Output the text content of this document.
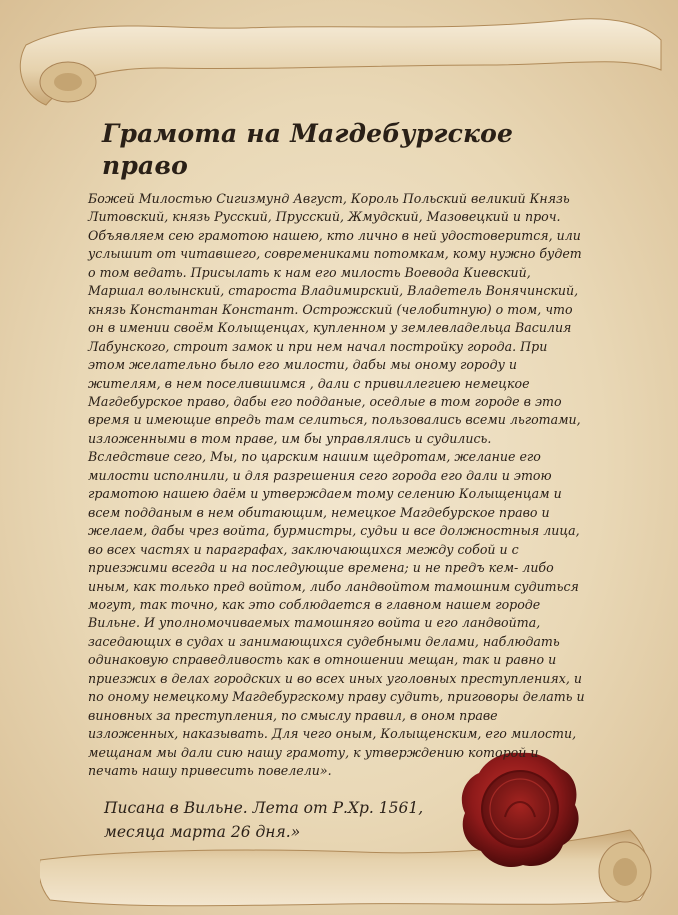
Грамота на Магдебургское право

Божей Милостью Сигизмунд Август, Король Польский великий Князь

Литовский, князь Русский, Прусский, Жмудский, Мазовецкий и проч.

Объявляем сею грамотою нашею, кто лично в ней удостоверится, или

услышит от читавшего, современиками потомкам, кому нужно будет

о том ведать. Присылать к нам его милость Воевода Киевский,

Маршал волынский, староста Владимирский, Владетель Вонячинский,

князь Константан Констант. Острожский (челобитную) о том, что

он в имении своём Колыщенцах, купленном у землевладельца Василия

Лабунского, строит замок и при нем начал постройку города. При

этом желательно было его милости, дабы мы оному городу и

жителям, в нем поселившимся , дали с привиллегиею немецкое

Магдебурское право, дабы его подданые, оседлые в том городе в это

время и имеющие впредь там селиться, пользовались всеми льготами,

изложенными в том праве, им бы управлялись и судились.

Вследствие сего, Мы, по царским нашим щедротам, желание его

милости исполнили, и для разрешения сего города его дали и этою

грамотою нашею даём и утверждаем тому селению Колыщенцам и

всем подданым в нем обитающим, немецкое Магдебурское право и

желаем, дабы чрез войта, бурмистры, судьи и все должностныя лица,

во всех частях и параграфах, заключающихся между собой и с

приезжими всегда и на последующие времена; и не предъ кем- либо

иным, как только пред войтом, либо ландвойтом тамошним судиться

могут, так точно, как это соблюдается в главном нашем городе

Вильне. И уполномочиваемых тамошняго войта и его ландвойта,

заседающих в судах и занимающихся судебными делами, наблюдать

одинаковую справедливость как в отношении мещан, так и равно и

приезжих в делах городских и во всех иных уголовных преступлениях, и

по оному немецкому Магдебургскому праву судить, приговоры делать и

виновных за преступления, по смыслу правил, в оном праве

изложенных, наказывать. Для чего оным, Колыщенским, его милости,

мещанам мы дали сию нашу грамоту, к утверждению которой и

печать нашу привесить повелели».

Писана в Вильне. Лета от Р.Хр. 1561,

месяца марта 26 дня.»
